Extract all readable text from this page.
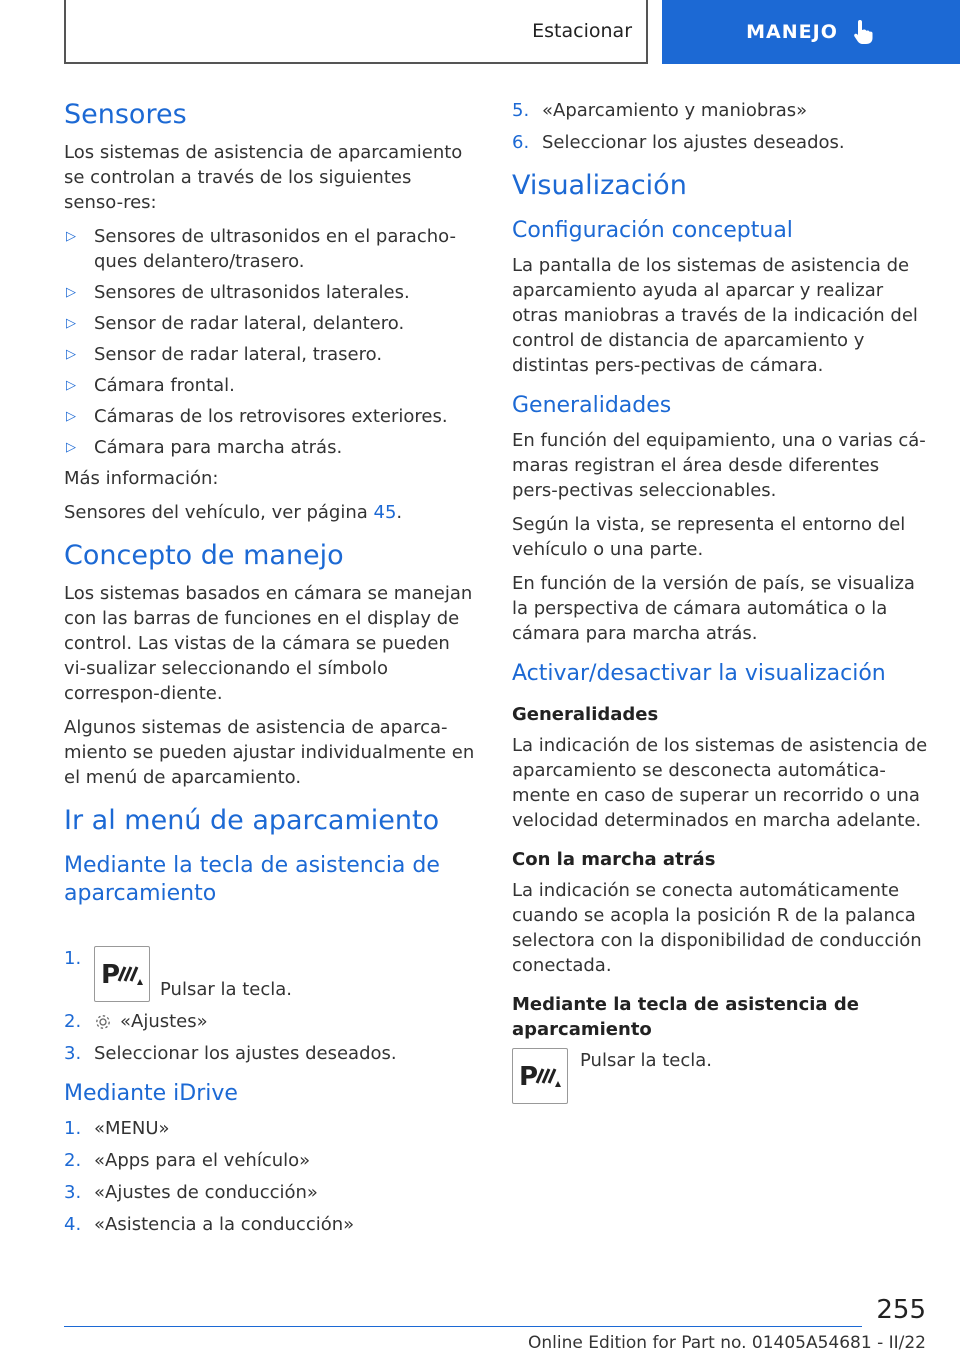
Estacionar	MANEJO
Sensores

Los sistemas de asistencia de aparcamiento se controlan a través de los siguientes senso-res:

▷ Sensores de ultrasonidos en el paracho-ques delantero/trasero.
▷ Sensores de ultrasonidos laterales.
▷ Sensor de radar lateral, delantero.
▷ Sensor de radar lateral, trasero.
▷ Cámara frontal.
▷ Cámaras de los retrovisores exteriores.
▷ Cámara para marcha atrás.

Más información:

Sensores del vehículo, ver página 45.

Concepto de manejo

Los sistemas basados en cámara se manejan con las barras de funciones en el display de control. Las vistas de la cámara se pueden vi-sualizar seleccionando el símbolo correspon-diente.

Algunos sistemas de asistencia de aparca-miento se pueden ajustar individualmente en el menú de aparcamiento.

Ir al menú de aparcamiento
Mediante la tecla de asistencia de aparcamiento
1.
P Pulsar la tecla.
2. «Ajustes»
3. Seleccionar los ajustes deseados.
Mediante iDrive
1. «MENU»
2. «Apps para el vehículo»
3. «Ajustes de conducción»
4. «Asistencia a la conducción»
5. «Aparcamiento y maniobras»
6. Seleccionar los ajustes deseados.
Visualización
Configuración conceptual

La pantalla de los sistemas de asistencia de aparcamiento ayuda al aparcar y realizar otras maniobras a través de la indicación del control de distancia de aparcamiento y distintas pers-pectivas de cámara.

Generalidades

En función del equipamiento, una o varias cá-maras registran el área desde diferentes pers-pectivas seleccionables.

Según la vista, se representa el entorno del vehículo o una parte.

En función de la versión de país, se visualiza la perspectiva de cámara automática o la cámara para marcha atrás.

Activar/desactivar la visualización
Generalidades

La indicación de los sistemas de asistencia de aparcamiento se desconecta automática-mente en caso de superar un recorrido o una velocidad determinados en marcha adelante.

Con la marcha atrás

La indicación se conecta automáticamente cuando se acopla la posición R de la palanca selectora con la disponibilidad de conducción conectada.

Mediante la tecla de asistencia de aparcamiento
P

Pulsar la tecla.

255
Online Edition for Part no. 01405A54681 - II/22
